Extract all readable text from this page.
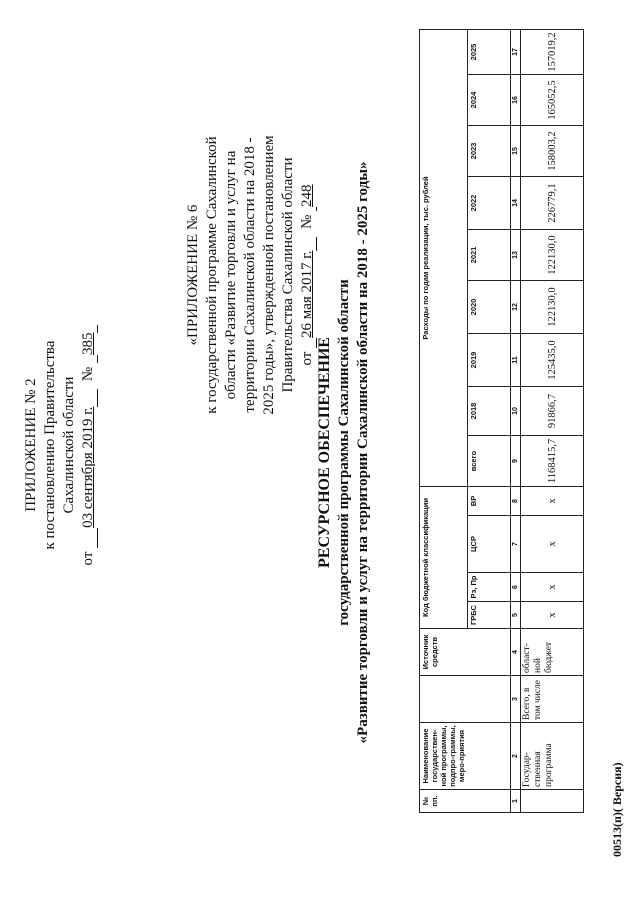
ПРИЛОЖЕНИЕ № 2 к постановлению Правительства Сахалинской области
от 03 сентября 2019 г.  № 385	«ПРИЛОЖЕНИЕ № 6 к государственной программе Сахалинской области «Развитие торговли и услуг на территории Сахалинской области на 2018 - 2025 годы», утвержденной постановлением Правительства Сахалинской области от 26 мая 2017 г.  № 248
РЕСУРСНОЕ ОБЕСПЕЧЕНИЕ государственной программы Сахалинской области «Развитие торговли и услуг на территории Сахалинской области на 2018 - 2025 годы»
№ пп.	Наименование государствен-ной программы, подпро-граммы, меро-приятия		Источник средств	Код бюджетной классификации				Расходы по годам реализации, тыс. рублей								
				ГРБС	Рз, Пр	ЦСР	ВР	всего	2018	2019	2020	2021	2022	2023	2024	2025
1	2	3	4	5	6	7	8	9	10	11	12	13	14	15	16	17
	Государ-ственная программа	Всего, в том числе	област-ной бюджет	х	х	х	х	1168415,7	91866,7	125435,0	122130,0	122130,0	226779,1	158003,2	165052,5	157019,2
00513(п)( Версия)
